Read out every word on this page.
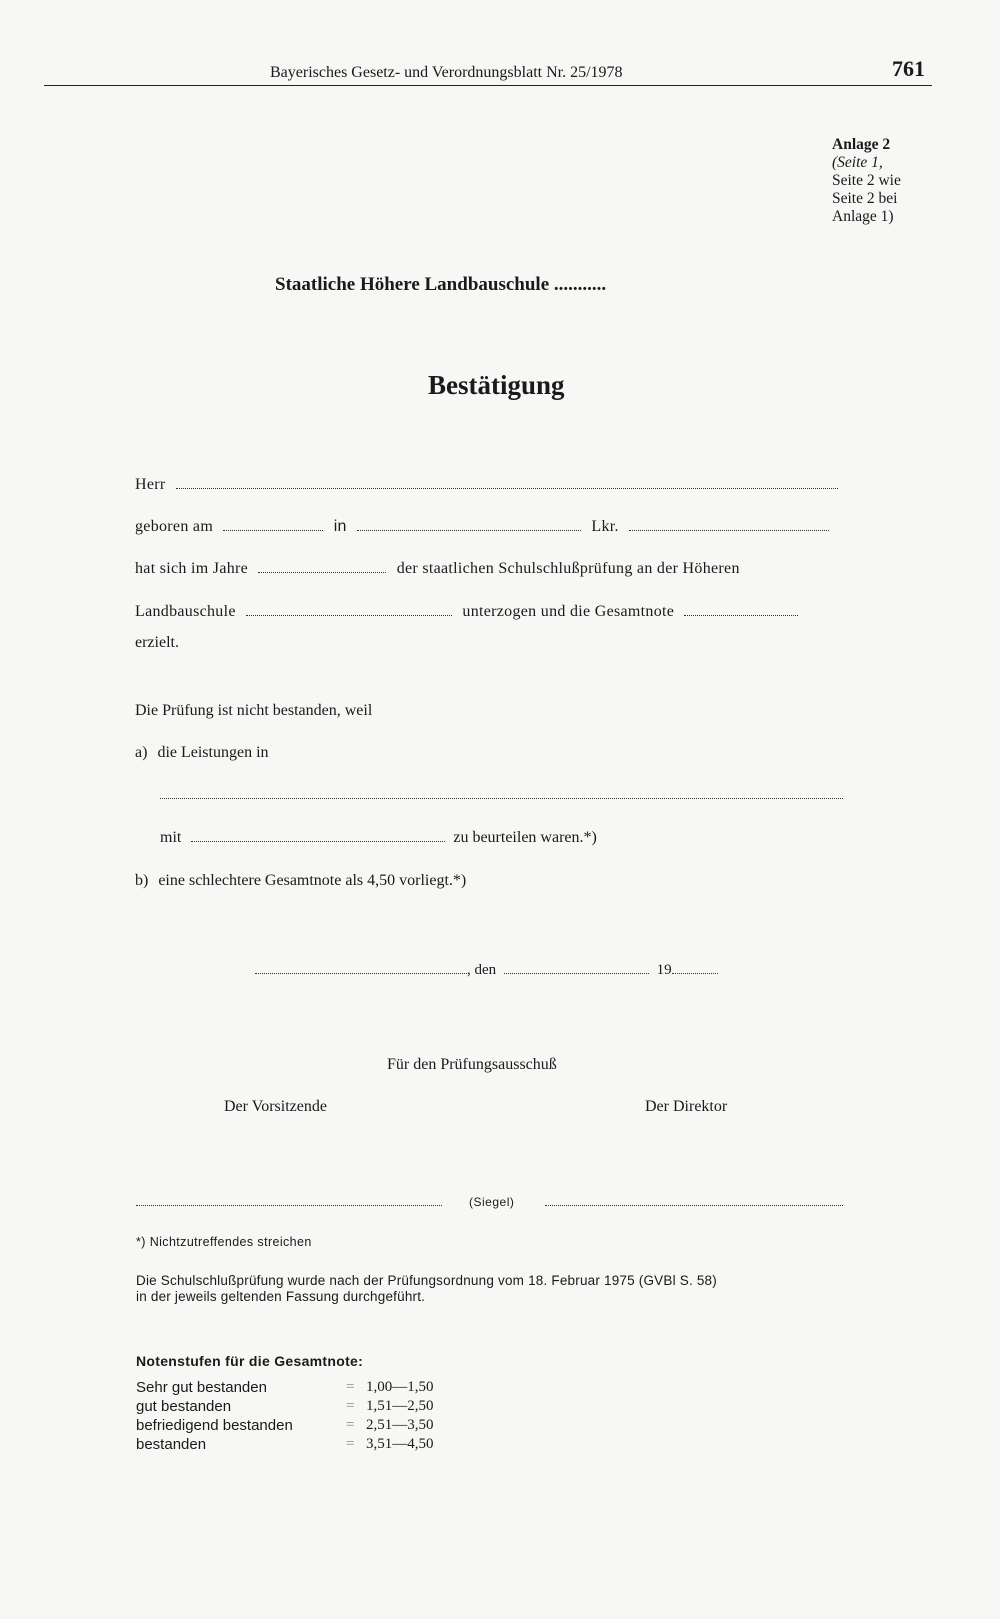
Bayerisches Gesetz- und Verordnungsblatt Nr. 25/1978	761
Anlage 2
(Seite 1,
Seite 2 wie
Seite 2 bei
Anlage 1)
Staatliche Höhere Landbauschule ...........
Bestätigung
Herr
geboren am	in	Lkr.
hat sich im Jahre	der staatlichen Schulschlußprüfung an der Höheren
Landbauschule	unterzogen und die Gesamtnote
erzielt.
Die Prüfung ist nicht bestanden, weil
a) die Leistungen in
mit	zu beurteilen waren.*)
b) eine schlechtere Gesamtnote als 4,50 vorliegt.*)
, den	19
Für den Prüfungsausschuß
Der Vorsitzende	Der Direktor
(Siegel)
*) Nichtzutreffendes streichen
Die Schulschlußprüfung wurde nach der Prüfungsordnung vom 18. Februar 1975 (GVBl S. 58)
in der jeweils geltenden Fassung durchgeführt.
Notenstufen für die Gesamtnote:
Sehr gut bestanden	= 1,00—1,50
gut bestanden	= 1,51—2,50
befriedigend bestanden	= 2,51—3,50
bestanden	= 3,51—4,50
